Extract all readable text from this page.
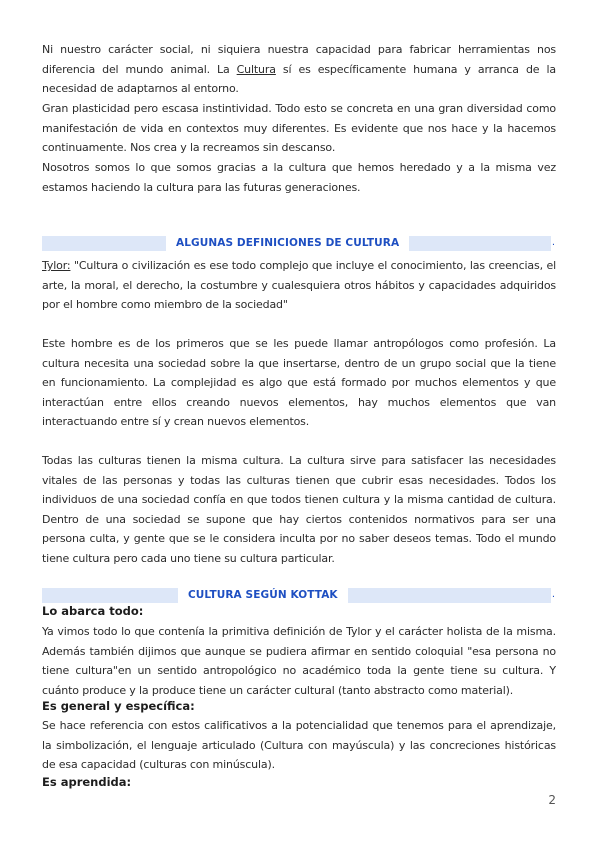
Ni nuestro carácter social, ni siquiera nuestra capacidad para fabricar herramientas nos diferencia del mundo animal. La Cultura sí es específicamente humana y arranca de la necesidad de adaptarnos al entorno.

Gran plasticidad pero escasa instintividad. Todo esto se concreta en una gran diversidad como manifestación de vida en contextos muy diferentes. Es evidente que nos hace y la hacemos continuamente. Nos crea y la recreamos sin descanso.

Nosotros somos lo que somos gracias a la cultura que hemos heredado y a la misma vez estamos haciendo la cultura para las futuras generaciones.

ALGUNAS DEFINICIONES DE CULTURA	.

Tylor: "Cultura o civilización es ese todo complejo que incluye el conocimiento, las creencias, el arte, la moral, el derecho, la costumbre y cualesquiera otros hábitos y capacidades adquiridos por el hombre como miembro de la sociedad"

Este hombre es de los primeros que se les puede llamar antropólogos como profesión. La cultura necesita una sociedad sobre la que insertarse, dentro de un grupo social que la tiene en funcionamiento. La complejidad es algo que está formado por muchos elementos y que interactúan entre ellos creando nuevos elementos, hay muchos elementos que van interactuando entre sí y crean nuevos elementos.

Todas las culturas tienen la misma cultura. La cultura sirve para satisfacer las necesidades vitales de las personas y todas las culturas tienen que cubrir esas necesidades. Todos los individuos de una sociedad confía en que todos tienen cultura y la misma cantidad de cultura. Dentro de una sociedad se supone que hay ciertos contenidos normativos para ser una persona culta, y gente que se le considera inculta por no saber deseos temas. Todo el mundo tiene cultura pero cada uno tiene su cultura particular.

CULTURA SEGÚN KOTTAK	.
Lo abarca todo:

Ya vimos todo lo que contenía la primitiva definición de Tylor y el carácter holista de la misma. Además también dijimos que aunque se pudiera afirmar en sentido coloquial "esa persona no tiene cultura"en un sentido antropológico no académico toda la gente tiene su cultura. Y cuánto produce y la produce tiene un carácter cultural (tanto abstracto como material).

Es general y específica:

Se hace referencia con estos calificativos a la potencialidad que tenemos para el aprendizaje, la simbolización, el lenguaje articulado (Cultura con mayúscula) y las concreciones históricas de esa capacidad (culturas con minúscula).

Es aprendida:
2
